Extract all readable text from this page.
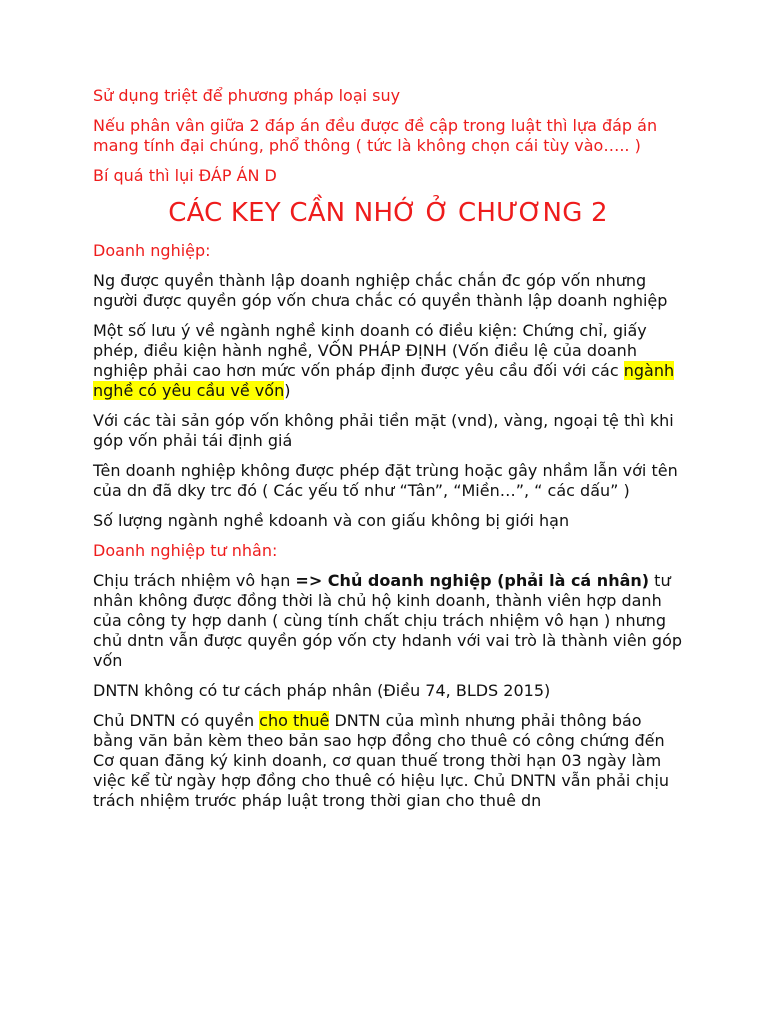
Sử dụng triệt để phương pháp loại suy

Nếu phân vân giữa 2 đáp án đều được đề cập trong luật thì lựa đáp án mang tính đại chúng, phổ thông ( tức là không chọn cái tùy vào….. )

Bí quá thì lụi ĐÁP ÁN D

CÁC KEY CẦN NHỚ Ở CHƯƠNG 2

Doanh nghiệp:

Ng được quyền thành lập doanh nghiệp chắc chắn đc góp vốn nhưng người được quyền góp vốn chưa chắc có quyền thành lập doanh nghiệp

Một số lưu ý về ngành nghề kinh doanh có điều kiện: Chứng chỉ, giấy phép, điều kiện hành nghề, VỐN PHÁP ĐỊNH (Vốn điều lệ của doanh nghiệp phải cao hơn mức vốn pháp định được yêu cầu đối với các ngành nghề có yêu cầu về vốn)

Với các tài sản góp vốn không phải tiền mặt (vnd), vàng, ngoại tệ thì khi góp vốn phải tái định giá

Tên doanh nghiệp không được phép đặt trùng hoặc gây nhầm lẫn với tên của dn đã dky trc đó ( Các yếu tố như “Tân”, “Miền…”, “ các dấu” )

Số lượng ngành nghề kdoanh và con giấu không bị giới hạn

Doanh nghiệp tư nhân:

Chịu trách nhiệm vô hạn => Chủ doanh nghiệp (phải là cá nhân) tư nhân không được đồng thời là chủ hộ kinh doanh, thành viên hợp danh của công ty hợp danh ( cùng tính chất chịu trách nhiệm vô hạn ) nhưng chủ dntn vẫn được quyền góp vốn cty hdanh với vai trò là thành viên góp vốn

DNTN không có tư cách pháp nhân (Điều 74, BLDS 2015)

Chủ DNTN có quyền cho thuê DNTN của mình nhưng phải thông báo bằng văn bản kèm theo bản sao hợp đồng cho thuê có công chứng đến Cơ quan đăng ký kinh doanh, cơ quan thuế trong thời hạn 03 ngày làm việc kể từ ngày hợp đồng cho thuê có hiệu lực. Chủ DNTN vẫn phải chịu trách nhiệm trước pháp luật trong thời gian cho thuê dn
